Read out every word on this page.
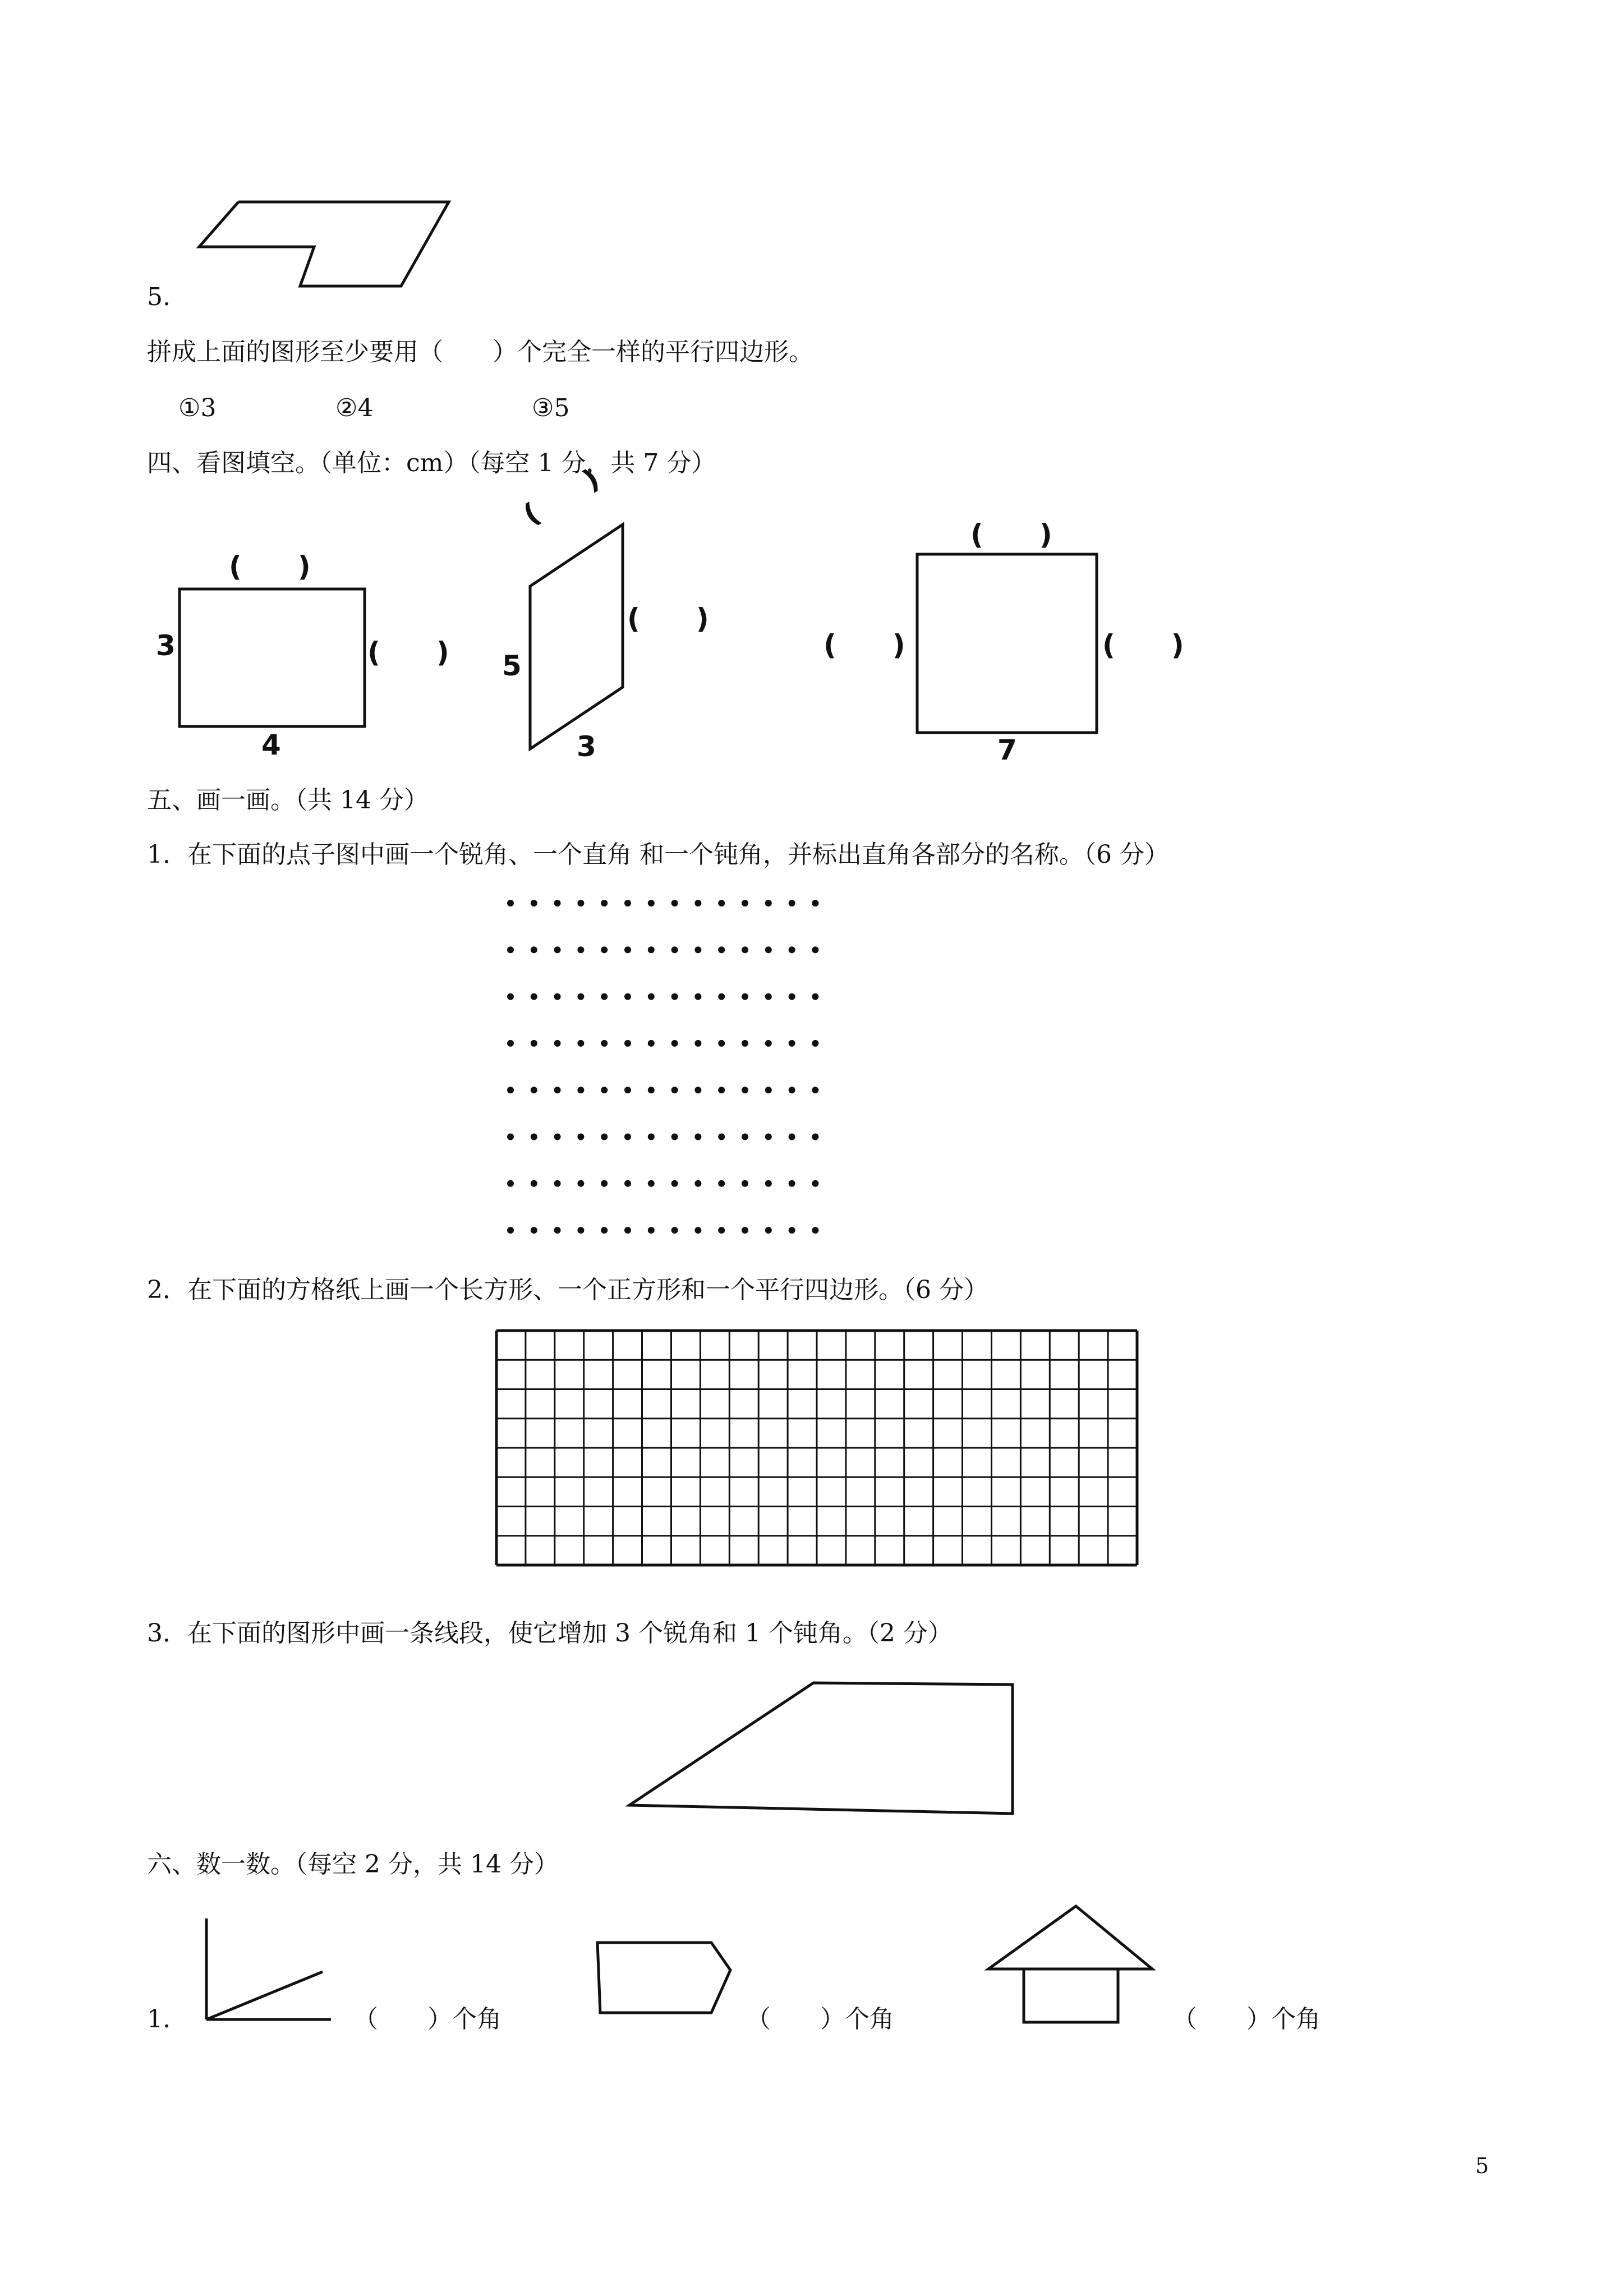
5.
拼成上面的图形至少要用（　　）个完全一样的平行四边形。
①3	②4	③5
四、看图填空。（单位：cm）（每空 1 分，共 7 分）
3
4
(　　)
(　　) 5
3
(　　)
(　　)
7
(　　)
(　　)	(　　)
五、画一画。（共 14 分）
1．在下面的点子图中画一个锐角、一个直角 和一个钝角，并标出直角各部分的名称。（6 分）
2．在下面的方格纸上画一个长方形、一个正方形和一个平行四边形。（6 分）
3．在下面的图形中画一条线段，使它增加 3 个锐角和 1 个钝角。（2 分）
六、数一数。（每空 2 分，共 14 分）
1.	（　　）个角	（　　）个角	（　　）个角
5
